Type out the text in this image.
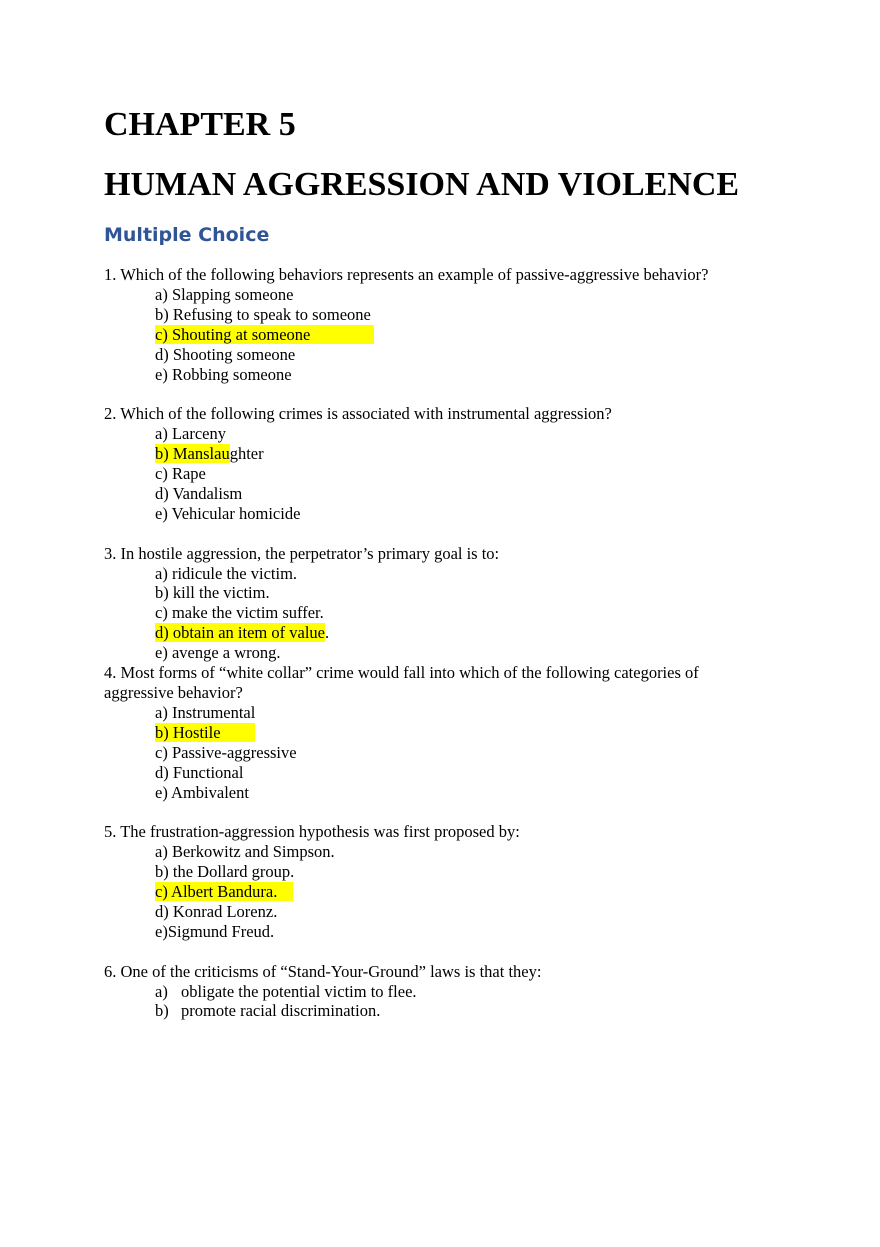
CHAPTER 5
HUMAN AGGRESSION AND VIOLENCE
Multiple Choice

1. Which of the following behaviors represents an example of passive-aggressive behavior?

a) Slapping someone

b) Refusing to speak to someone

c) Shouting at someone

d) Shooting someone

e) Robbing someone

2. Which of the following crimes is associated with instrumental aggression?

a) Larceny

b) Manslaughter

c) Rape

d) Vandalism

e) Vehicular homicide

3. In hostile aggression, the perpetrator’s primary goal is to:

a) ridicule the victim.

b) kill the victim.

c) make the victim suffer.

d) obtain an item of value.

e) avenge a wrong.

4. Most forms of “white collar” crime would fall into which of the following categories of aggressive behavior?

a) Instrumental

b) Hostile

c) Passive-aggressive

d) Functional

e) Ambivalent

5. The frustration-aggression hypothesis was first proposed by:

a) Berkowitz and Simpson.

b) the Dollard group.

c) Albert Bandura.

d) Konrad Lorenz.

e)Sigmund Freud.

6. One of the criticisms of “Stand-Your-Ground” laws is that they:

a) obligate the potential victim to flee.

b) promote racial discrimination.
